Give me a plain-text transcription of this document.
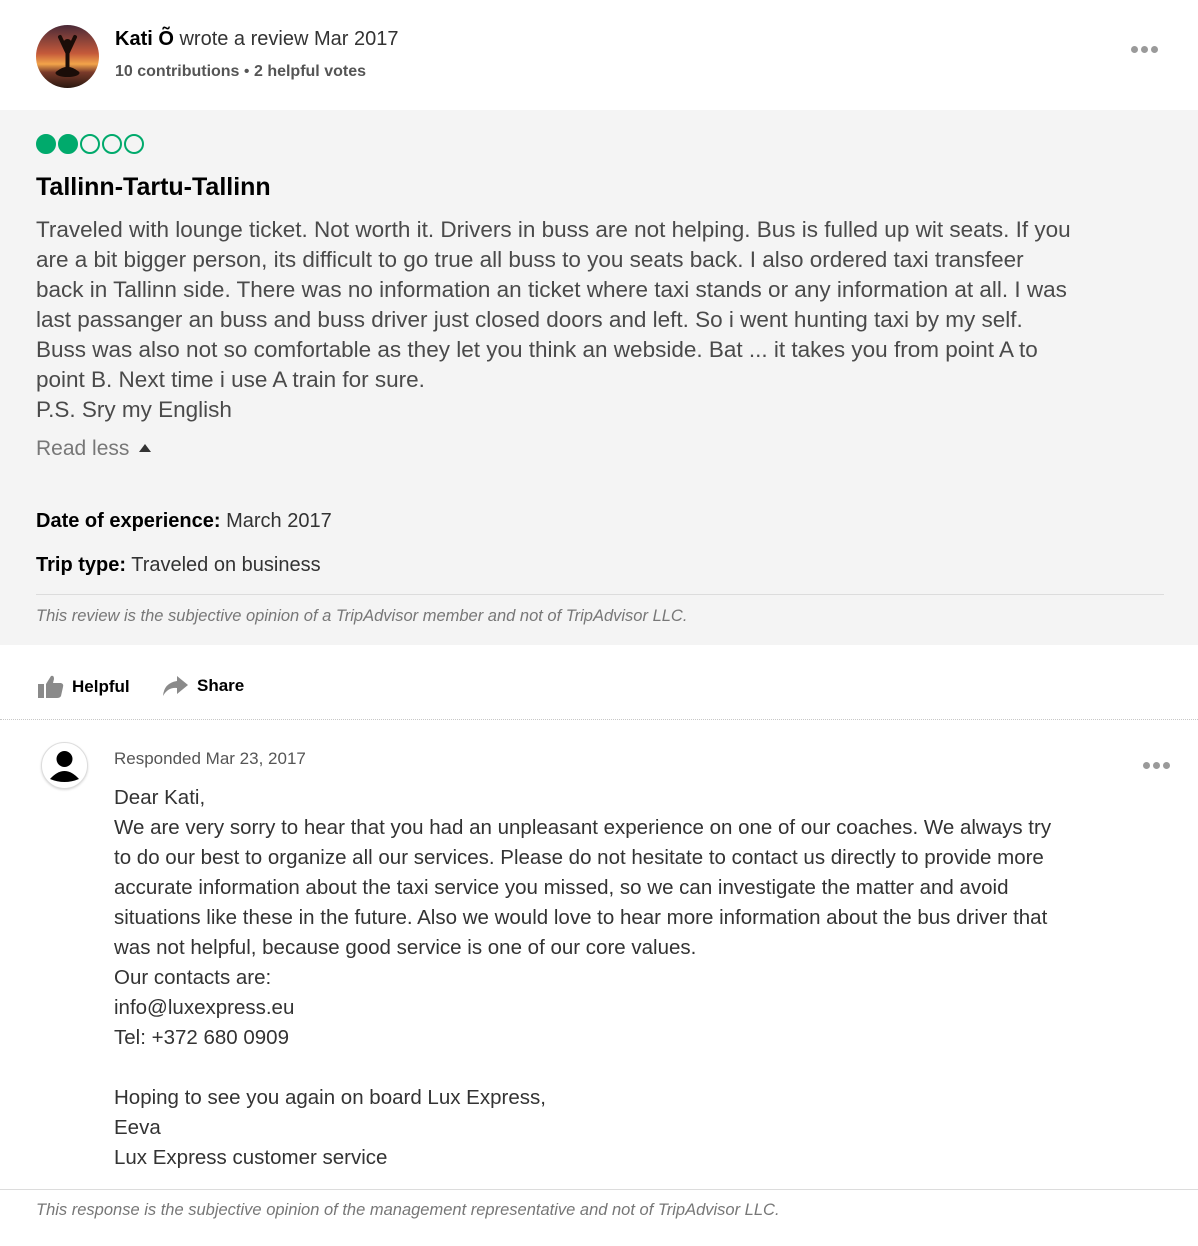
Kati Õ wrote a review Mar 2017
10 contributions • 2 helpful votes
Tallinn-Tartu-Tallinn
Traveled with lounge ticket. Not worth it. Drivers in buss are not helping. Bus is fulled up wit seats. If you
are a bit bigger person, its difficult to go true all buss to you seats back. I also ordered taxi transfeer
back in Tallinn side. There was no information an ticket where taxi stands or any information at all. I was
last passanger an buss and buss driver just closed doors and left. So i went hunting taxi by my self.
Buss was also not so comfortable as they let you think an webside. Bat ... it takes you from point A to
point B. Next time i use A train for sure.
P.S. Sry my English
Read less
Date of experience: March 2017
Trip type: Traveled on business
This review is the subjective opinion of a TripAdvisor member and not of TripAdvisor LLC.
Helpful	Share
Responded Mar 23, 2017
Dear Kati,
We are very sorry to hear that you had an unpleasant experience on one of our coaches. We always try
to do our best to organize all our services. Please do not hesitate to contact us directly to provide more
accurate information about the taxi service you missed, so we can investigate the matter and avoid
situations like these in the future. Also we would love to hear more information about the bus driver that
was not helpful, because good service is one of our core values.
Our contacts are:
info@luxexpress.eu
Tel: +372 680 0909
Hoping to see you again on board Lux Express,
Eeva
Lux Express customer service
This response is the subjective opinion of the management representative and not of TripAdvisor LLC.
